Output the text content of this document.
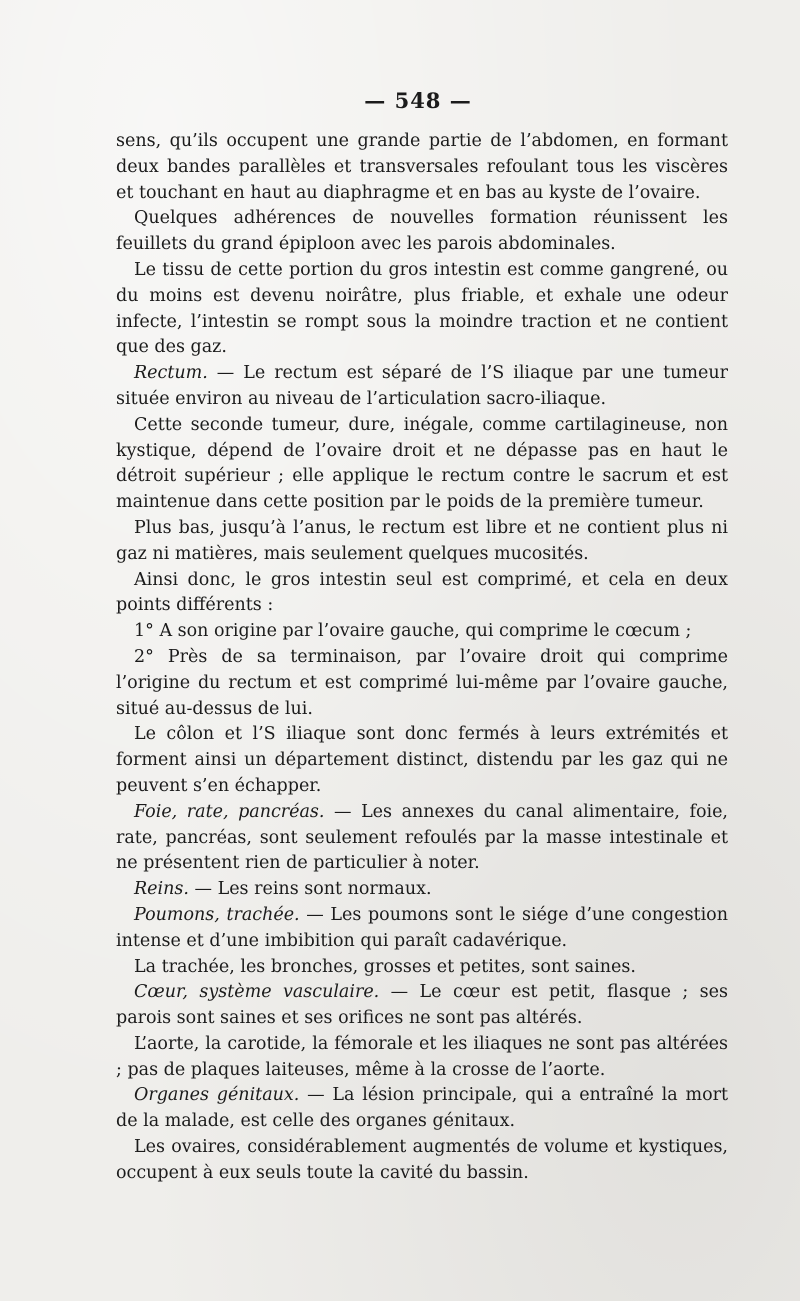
— 548 —

sens, qu’ils occupent une grande partie de l’abdomen, en formant deux bandes parallèles et transversales refoulant tous les viscères et touchant en haut au diaphragme et en bas au kyste de l’ovaire.

Quelques adhérences de nouvelles formation réunissent les feuillets du grand épiploon avec les parois abdominales.

Le tissu de cette portion du gros intestin est comme gangrené, ou du moins est devenu noirâtre, plus friable, et exhale une odeur infecte, l’intestin se rompt sous la moindre traction et ne contient que des gaz.

Rectum. — Le rectum est séparé de l’S iliaque par une tumeur située environ au niveau de l’articulation sacro-iliaque.

Cette seconde tumeur, dure, inégale, comme cartilagineuse, non kystique, dépend de l’ovaire droit et ne dépasse pas en haut le détroit supérieur ; elle applique le rectum contre le sacrum et est maintenue dans cette position par le poids de la première tumeur.

Plus bas, jusqu’à l’anus, le rectum est libre et ne contient plus ni gaz ni matières, mais seulement quelques mucosités.

Ainsi donc, le gros intestin seul est comprimé, et cela en deux points différents :

1° A son origine par l’ovaire gauche, qui comprime le cœcum ;

2° Près de sa terminaison, par l’ovaire droit qui comprime l’origine du rectum et est comprimé lui-même par l’ovaire gauche, situé au-dessus de lui.

Le côlon et l’S iliaque sont donc fermés à leurs extrémités et forment ainsi un département distinct, distendu par les gaz qui ne peuvent s’en échapper.

Foie, rate, pancréas. — Les annexes du canal alimentaire, foie, rate, pancréas, sont seulement refoulés par la masse intestinale et ne présentent rien de particulier à noter.

Reins. — Les reins sont normaux.

Poumons, trachée. — Les poumons sont le siége d’une congestion intense et d’une imbibition qui paraît cadavérique.

La trachée, les bronches, grosses et petites, sont saines.

Cœur, système vasculaire. — Le cœur est petit, flasque ; ses parois sont saines et ses orifices ne sont pas altérés.

L’aorte, la carotide, la fémorale et les iliaques ne sont pas altérées ; pas de plaques laiteuses, même à la crosse de l’aorte.

Organes génitaux. — La lésion principale, qui a entraîné la mort de la malade, est celle des organes génitaux.

Les ovaires, considérablement augmentés de volume et kystiques, occupent à eux seuls toute la cavité du bassin.
